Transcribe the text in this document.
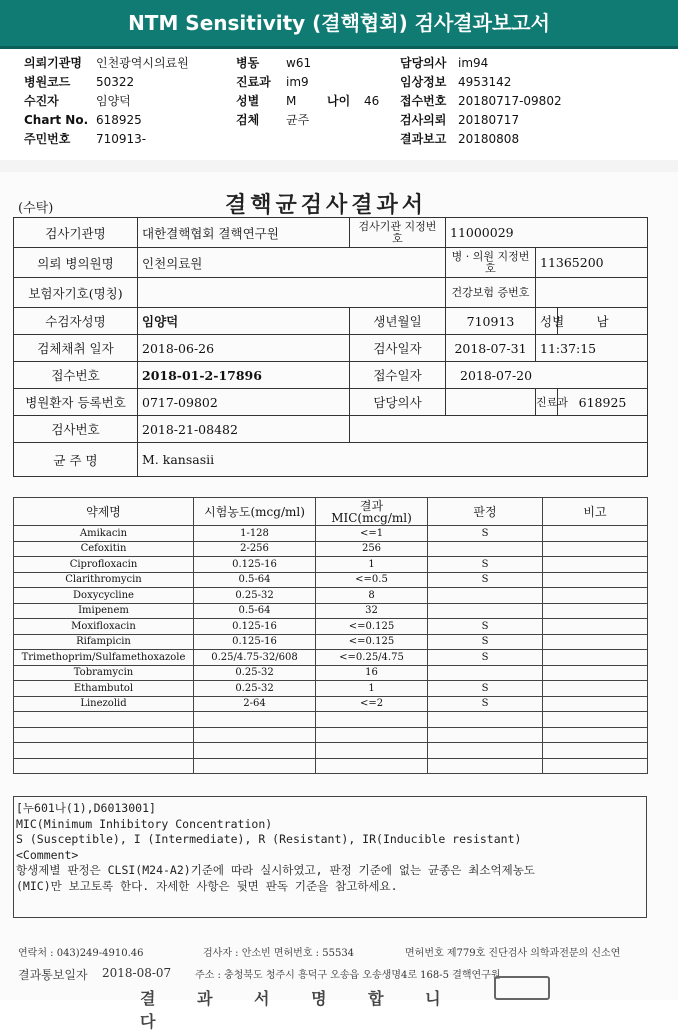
NTM Sensitivity (결핵협회) 검사결과보고서
의뢰기관명 인천광역시의료원
병원코드 50322
수진자	임양덕
Chart No. 618925
주민번호 710913-
병동 w61
진료과 im9
성별 M
검체 균주
담당의사 im94
임상정보 4953142
접수번호 20180717-09802
검사의뢰 20180717
결과보고 20180808
나이 46
(수탁)	결핵균검사결과서
검사기관명	대한결핵협회 결핵연구원	검사기관 지정번호	11000029		
의뢰 병의원명	인천의료원		병 · 의원 지정번호	11365200	
보험자기호(명칭)			건강보험 증번호		
수검자성명	임양덕	생년월일	710913	성별	남
검체채취 일자	2018-06-26	검사일자	2018-07-31	11:37:15	
접수번호	2018-01-2-17896	접수일자	2018-07-20		
병원환자 등록번호	0717-09802	담당의사		진료과	618925
검사번호	2018-21-08482				
균 주 명	M. kansasii				
약제명	시험농도(mcg/ml)	결과 MIC(mcg/ml)	판정	비고
Amikacin	1-128	<=1	S	
Cefoxitin	2-256	256		
Ciprofloxacin	0.125-16	1	S	
Clarithromycin	0.5-64	<=0.5	S	
Doxycycline	0.25-32	8		
Imipenem	0.5-64	32		
Moxifloxacin	0.125-16	<=0.125	S	
Rifampicin	0.125-16	<=0.125	S	
Trimethoprim/Sulfamethoxazole	0.25/4.75-32/608	<=0.25/4.75	S	
Tobramycin	0.25-32	16		
Ethambutol	0.25-32	1	S	
Linezolid	2-64	<=2	S	

[누601나(1),D6013001]
MIC(Minimum Inhibitory Concentration)
S (Susceptible), I (Intermediate), R (Resistant), IR(Inducible resistant)
<Comment>
항생제별 판정은 CLSI(M24-A2)기준에 따라 실시하였고, 판정 기준에 없는 균종은 최소억제농도
(MIC)만 보고토록 한다. 자세한 사항은 뒷면 판독 기준을 참고하세요.
연락처 : 043)249-4910.46	검사자 : 안소빈 면허번호 : 55534	면허번호 제779호 진단검사 의학과전문의 신소연
결과통보일자 2018-08-07 주소 : 충청북도 청주시 흥덕구 오송읍 오송생명4로 168-5 결핵연구원
결 과 서 명 합 니 다
